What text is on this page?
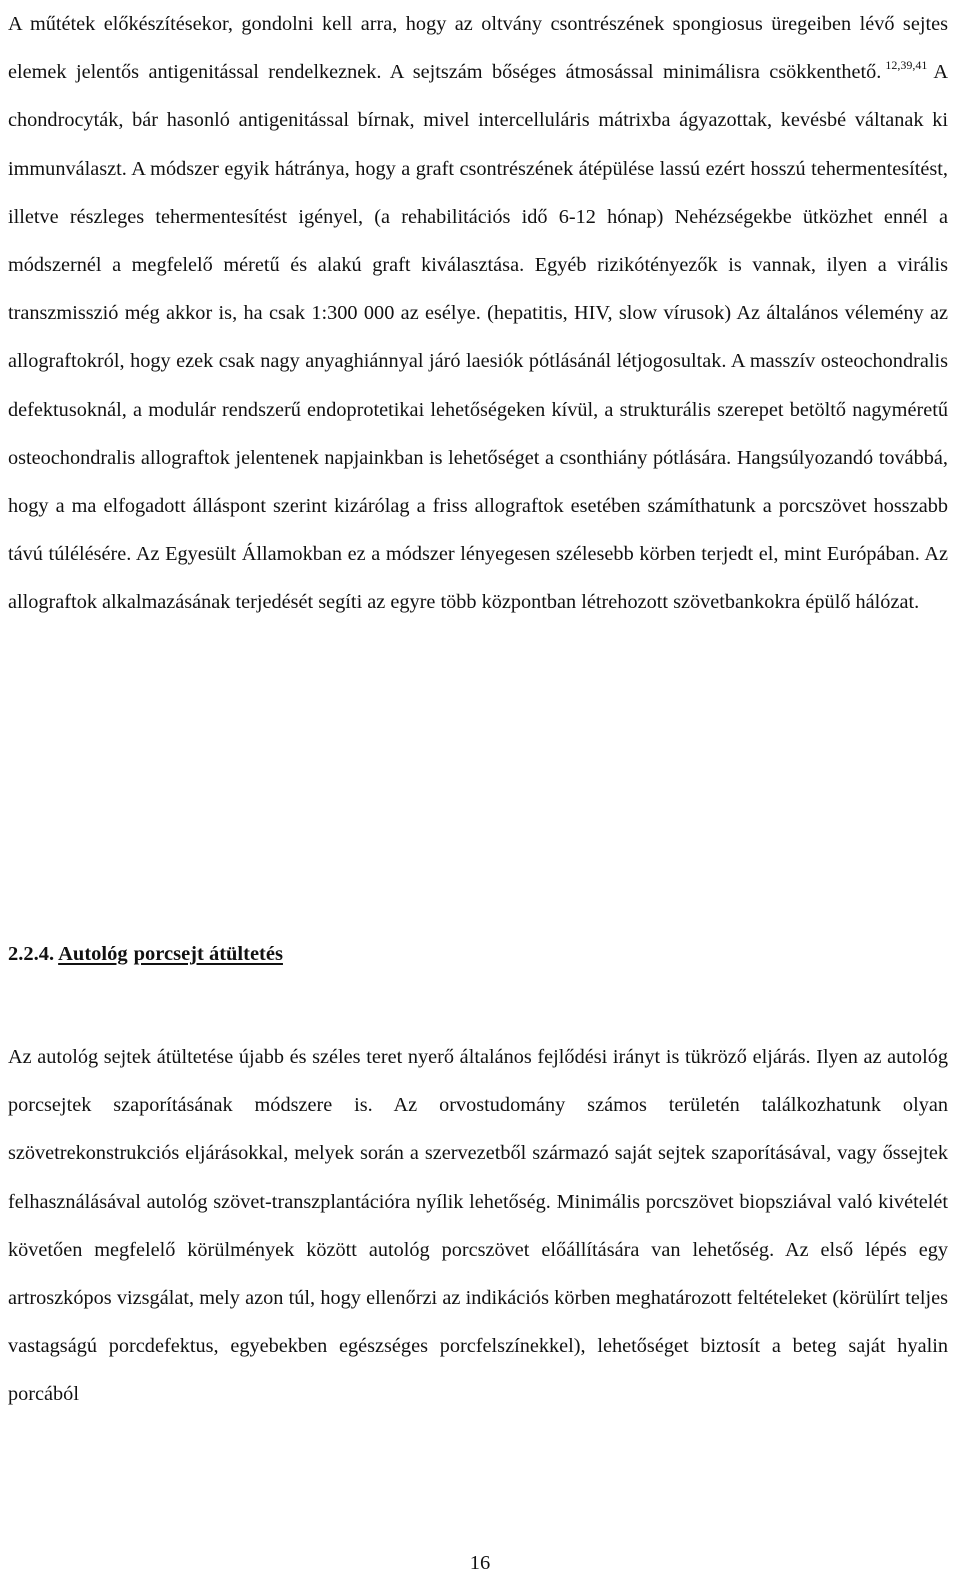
A műtétek előkészítésekor, gondolni kell arra, hogy az oltvány csontrészének spongiosus üregeiben lévő sejtes elemek jelentős antigenitással rendelkeznek. A sejtszám bőséges átmosással minimálisra csökkenthető. $^{12,39,41}$ A chondrocyták, bár hasonló antigenitással bírnak, mivel intercelluláris mátrixba ágyazottak, kevésbé váltanak ki immunválaszt. A módszer egyik hátránya, hogy a graft csontrészének átépülése lassú ezért hosszú tehermentesítést, illetve részleges tehermentesítést igényel, (a rehabilitációs idő 6-12 hónap) Nehézségekbe ütközhet ennél a módszernél a megfelelő méretű és alakú graft kiválasztása. Egyéb rizikótényezők is vannak, ilyen a virális transzmisszió még akkor is, ha csak 1:300 000 az esélye. (hepatitis, HIV, slow vírusok) Az általános vélemény az allograftokról, hogy ezek csak nagy anyaghiánnyal járó laesiók pótlásánál létjogosultak. A masszív osteochondralis defektusoknál, a modulár rendszerű endoprotetikai lehetőségeken kívül, a strukturális szerepet betöltő nagyméretű osteochondralis allograftok jelentenek napjainkban is lehetőséget a csonthiány pótlására. Hangsúlyozandó továbbá, hogy a ma elfogadott álláspont szerint kizárólag a friss allograftok esetében számíthatunk a porcszövet hosszabb távú túlélésére. Az Egyesült Államokban ez a módszer lényegesen szélesebb körben terjedt el, mint Európában. Az allograftok alkalmazásának terjedését segíti az egyre több központban létrehozott szövetbankokra épülő hálózat.

2.2.4. Autológ porcsejt átültetés

Az autológ sejtek átültetése újabb és széles teret nyerő általános fejlődési irányt is tükröző eljárás. Ilyen az autológ porcsejtek szaporításának módszere is. Az orvostudomány számos területén találkozhatunk olyan szövetrekonstrukciós eljárásokkal, melyek során a szervezetből származó saját sejtek szaporításával, vagy őssejtek felhasználásával autológ szövet-transzplantációra nyílik lehetőség. Minimális porcszövet biopsziával való kivételét követően megfelelő körülmények között autológ porcszövet előállítására van lehetőség. Az első lépés egy artroszkópos vizsgálat, mely azon túl, hogy ellenőrzi az indikációs körben meghatározott feltételeket (körülírt teljes vastagságú porcdefektus, egyebekben egészséges porcfelszínekkel), lehetőséget biztosít a beteg saját hyalin porcából

16
